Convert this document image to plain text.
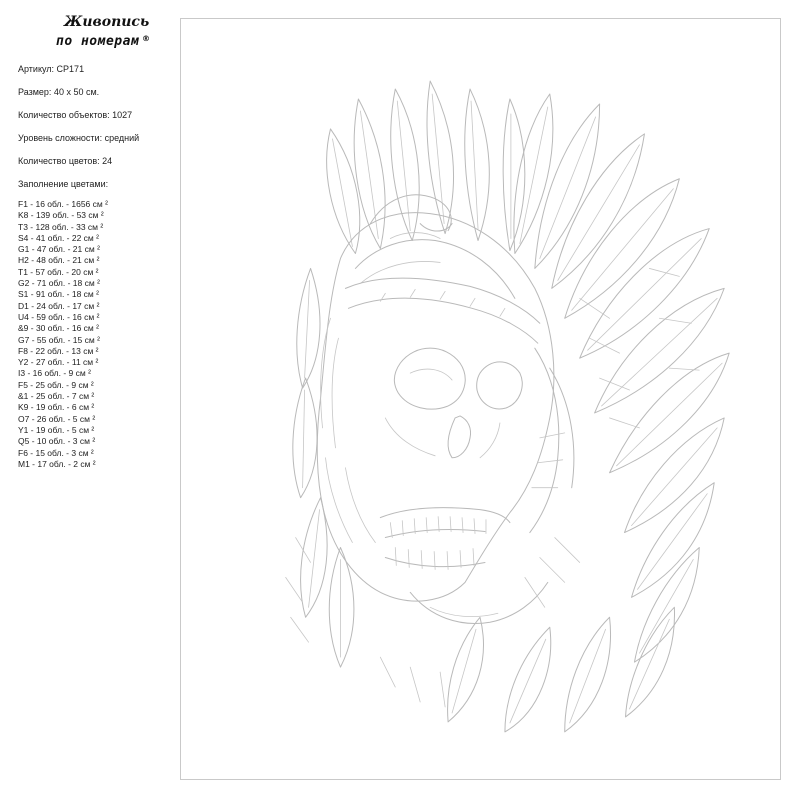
Живопись
по номерам ®
Артикул: СР171
Размер: 40 х 50 см.
Количество объектов: 1027
Уровень сложности: средний
Количество цветов: 24
Заполнение цветами:
F1 - 16 обл. - 1656 см ²
K8 - 139 обл. - 53 см ²
T3 - 128 обл. - 33 см ²
S4 - 41 обл. - 22 см ²
G1 - 47 обл. - 21 см ²
H2 - 48 обл. - 21 см ²
T1 - 57 обл. - 20 см ²
G2 - 71 обл. - 18 см ²
S1 - 91 обл. - 18 см ²
D1 - 24 обл. - 17 см ²
U4 - 59 обл. - 16 см ²
&9 - 30 обл. - 16 см ²
G7 - 55 обл. - 15 см ²
F8 - 22 обл. - 13 см ²
Y2 - 27 обл. - 11 см ²
I3 - 16 обл. - 9 см ²
F5 - 25 обл. - 9 см ²
&1 - 25 обл. - 7 см ²
K9 - 19 обл. - 6 см ²
O7 - 26 обл. - 5 см ²
Y1 - 19 обл. - 5 см ²
Q5 - 10 обл. - 3 см ²
F6 - 15 обл. - 3 см ²
M1 - 17 обл. - 2 см ²
